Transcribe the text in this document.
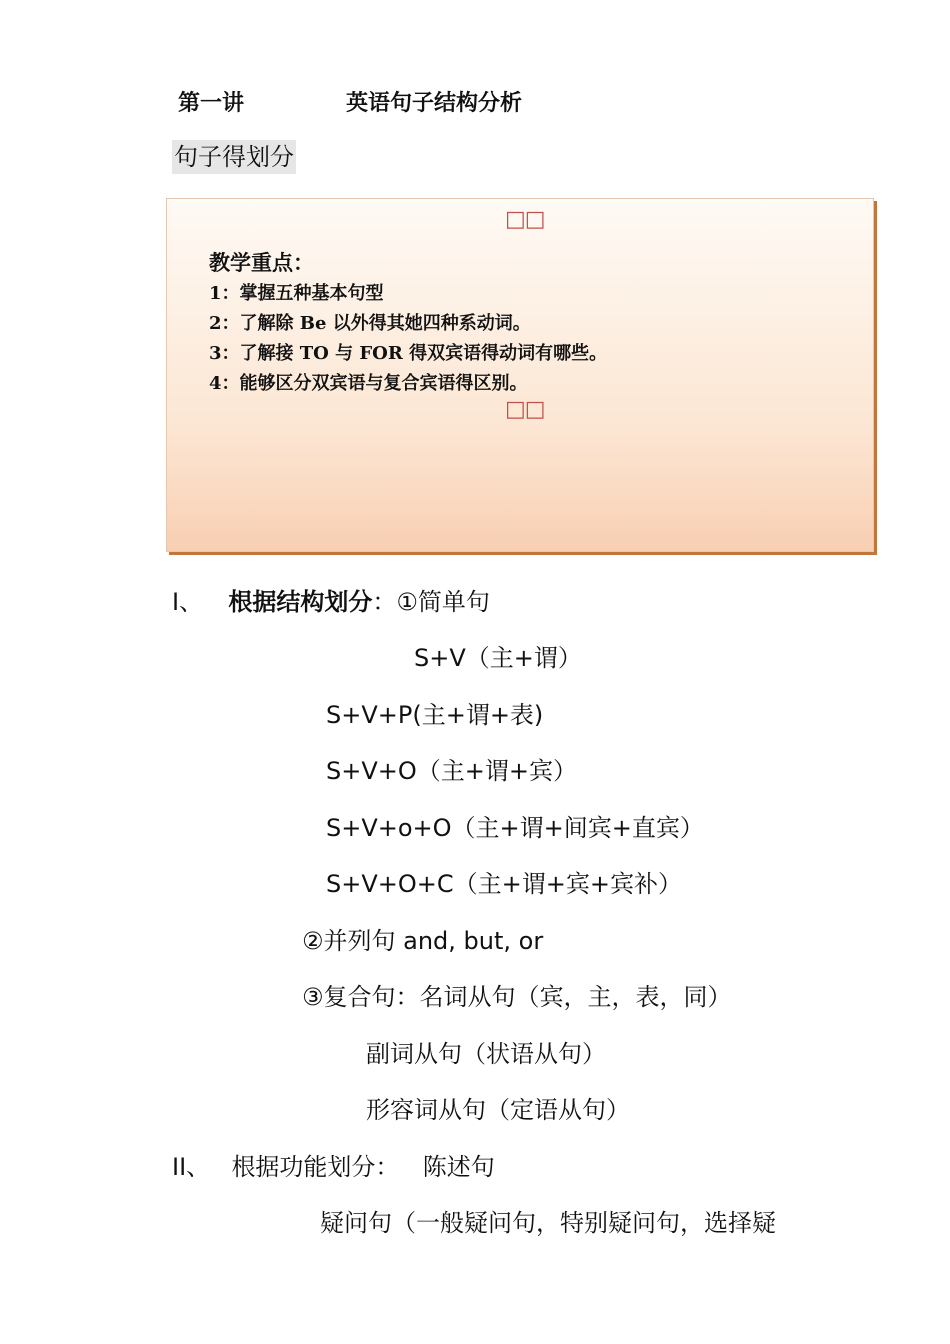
第一讲	英语句子结构分析
句子得划分
□□
教学重点：
1：掌握五种基本句型
2：了解除 Be 以外得其她四种系动词。
3：了解接 TO 与 FOR 得双宾语得动词有哪些。
4：能够区分双宾语与复合宾语得区别。
□□
I、 根据结构划分：①简单句
S+V（主+谓）
S+V+P(主+谓+表)
S+V+O（主+谓+宾）
S+V+o+O（主+谓+间宾+直宾）
S+V+O+C（主+谓+宾+宾补）
②并列句 and, but, or
③复合句：名词从句（宾，主，表，同）
副词从句（状语从句）
形容词从句（定语从句）
II、 根据功能划分： 陈述句
疑问句（一般疑问句，特别疑问句，选择疑
